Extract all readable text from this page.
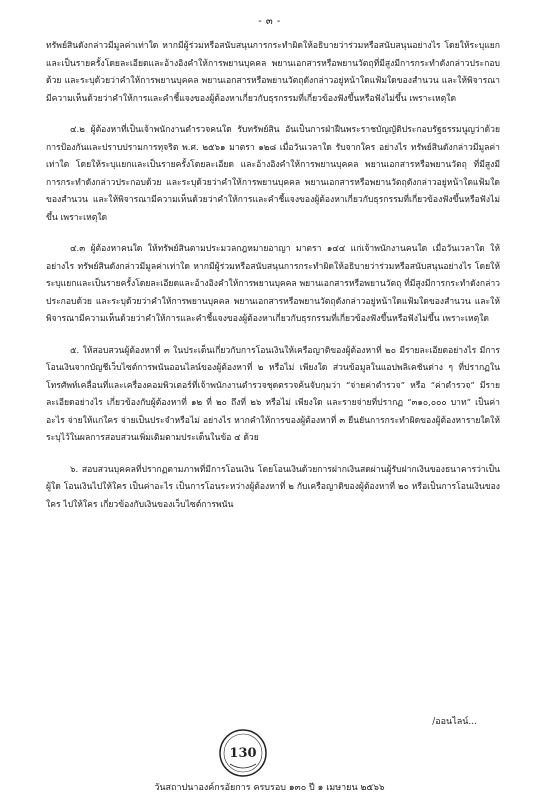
- ๓ -

ทรัพย์สินดังกล่าวมีมูลค่าเท่าใด หากมีผู้ร่วมหรือสนับสนุนการกระทำผิดให้อธิบายว่าร่วมหรือสนับสนุนอย่างไร โดยให้ระบุแยกและเป็นรายครั้งโดยละเอียดและอ้างอิงคำให้การพยานบุคคล พยานเอกสารหรือพยานวัตถุที่มีสูงมีการกระทำดังกล่าวประกอบด้วย และระบุด้วยว่าคำให้การพยานบุคคล พยานเอกสารหรือพยานวัตถุดังกล่าวอยู่หน้าใดแฟ้มใดของสำนวน และให้พิจารณามีความเห็นด้วยว่าคำให้การและคำชี้แจงของผู้ต้องหาเกี่ยวกับธุรกรรมที่เกี่ยวข้องฟังขึ้นหรือฟังไม่ขึ้น เพราะเหตุใด

๔.๒ ผู้ต้องหาที่เป็นเจ้าพนักงานตำรวจคนใด รับทรัพย์สิน อันเป็นการฝ่าฝืนพระราชบัญญัติประกอบรัฐธรรมนูญว่าด้วยการป้องกันและปราบปรามการทุจริต พ.ศ. ๒๕๖๑ มาตรา ๑๒๘ เมื่อวันเวลาใด รับจากใคร อย่างไร ทรัพย์สินดังกล่าวมีมูลค่าเท่าใด โดยให้ระบุแยกและเป็นรายครั้งโดยละเอียด และอ้างอิงคำให้การพยานบุคคล พยานเอกสารหรือพยานวัตถุ ที่มีสูงมีการกระทำดังกล่าวประกอบด้วย และระบุด้วยว่าคำให้การพยานบุคคล พยานเอกสารหรือพยานวัตถุดังกล่าวอยู่หน้าใดแฟ้มใดของสำนวน และให้พิจารณามีความเห็นด้วยว่าคำให้การและคำชี้แจงของผู้ต้องหาเกี่ยวกับธุรกรรมที่เกี่ยวข้องฟังขึ้นหรือฟังไม่ขึ้น เพราะเหตุใด

๔.๓ ผู้ต้องหาคนใด ให้ทรัพย์สินตามประมวลกฎหมายอาญา มาตรา ๑๔๔ แก่เจ้าพนักงานคนใด เมื่อวันเวลาใด ให้อย่างไร ทรัพย์สินดังกล่าวมีมูลค่าเท่าใด หากมีผู้ร่วมหรือสนับสนุนการกระทำผิดให้อธิบายว่าร่วมหรือสนับสนุนอย่างไร โดยให้ระบุแยกและเป็นรายครั้งโดยละเอียดและอ้างอิงคำให้การพยานบุคคล พยานเอกสารหรือพยานวัตถุ ที่มีสูงมีการกระทำดังกล่าวประกอบด้วย และระบุด้วยว่าคำให้การพยานบุคคล พยานเอกสารหรือพยานวัตถุดังกล่าวอยู่หน้าใดแฟ้มใดของสำนวน และให้พิจารณามีความเห็นด้วยว่าคำให้การและคำชี้แจงของผู้ต้องหาเกี่ยวกับธุรกรรมที่เกี่ยวข้องฟังขึ้นหรือฟังไม่ขึ้น เพราะเหตุใด

๕. ให้สอบสวนผู้ต้องหาที่ ๓ ในประเด็นเกี่ยวกับการโอนเงินให้เครือญาติของผู้ต้องหาที่ ๒๐ มีรายละเอียดอย่างไร มีการโอนเงินจากบัญชีเว็บไซต์การพนันออนไลน์ของผู้ต้องหาที่ ๒ หรือไม่ เพียงใด ส่วนข้อมูลในแอปพลิเคชันต่าง ๆ ที่ปรากฏในโทรศัพท์เคลื่อนที่และเครื่องคอมพิวเตอร์ที่เจ้าพนักงานตำรวจชุดตรวจค้นจับกุมว่า “จ่ายค่าตำรวจ” หรือ “ค่าตำรวจ” มีรายละเอียดอย่างไร เกี่ยวข้องกับผู้ต้องหาที่ ๑๒ ที่ ๒๐ ถึงที่ ๒๖ หรือไม่ เพียงใด และรายจ่ายที่ปรากฏ “๓๑๐,๐๐๐ บาท” เป็นค่าอะไร จ่ายให้แก่ใคร จ่ายเป็นประจำหรือไม่ อย่างไร หากคำให้การของผู้ต้องหาที่ ๓ ยืนยันการกระทำผิดของผู้ต้องหารายใดให้ระบุไว้ในผลการสอบสวนเพิ่มเติมตามประเด็นในข้อ ๔ ด้วย

๖. สอบสวนบุคคลที่ปรากฏตามภาพที่มีการโอนเงิน โดยโอนเงินด้วยการฝากเงินสดผ่านผู้รับฝากเงินของธนาคารว่าเป็นผู้ใด โอนเงินไปให้ใคร เป็นค่าอะไร เป็นการโอนระหว่างผู้ต้องหาที่ ๒ กับเครือญาติของผู้ต้องหาที่ ๒๐ หรือเป็นการโอนเงินของใคร ไปให้ใคร เกี่ยวข้องกับเงินของเว็บไซต์การพนัน

/ออนไลน์...
130
วันสถาปนาองค์กรอัยการ ครบรอบ ๑๓๐ ปี ๑ เมษายน ๒๕๖๖
